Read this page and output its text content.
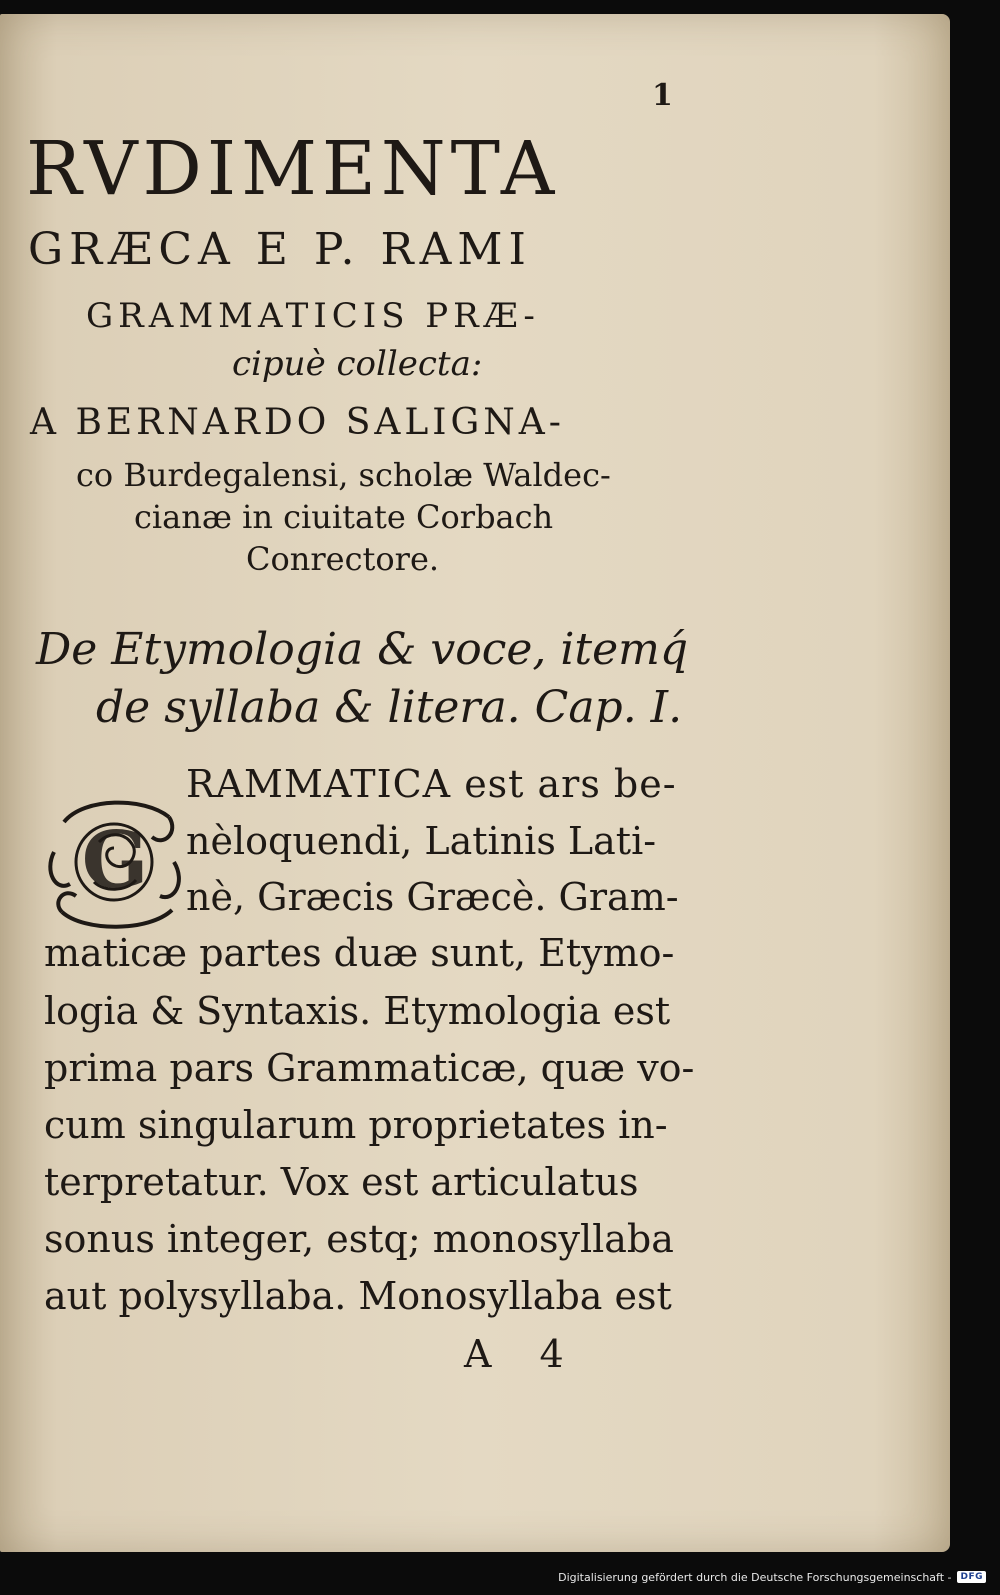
1
RVDIMENTA
GRÆCA E P. RAMI
GRAMMATICIS PRÆ-
cipuè collecta:
A BERNARDO SALIGNA-
co Burdegalensi, scholæ Waldec-
cianæ in ciuitate Corbach
Conrectore.
De Etymologia & voce, itemq́
de syllaba & litera. Cap. I.
G
RAMMATICA est ars be-
nèloquendi, Latinis Lati-
nè, Græcis Græcè. Gram-
maticæ partes duæ sunt, Etymo-
logia & Syntaxis. Etymologia est
prima pars Grammaticæ, quæ vo-
cum singularum proprietates in-
terpretatur. Vox est articulatus
sonus integer, estq; monosyllaba
aut polysyllaba. Monosyllaba est
A 4
Digitalisierung gefördert durch die Deutsche Forschungsgemeinschaft -	DFG
